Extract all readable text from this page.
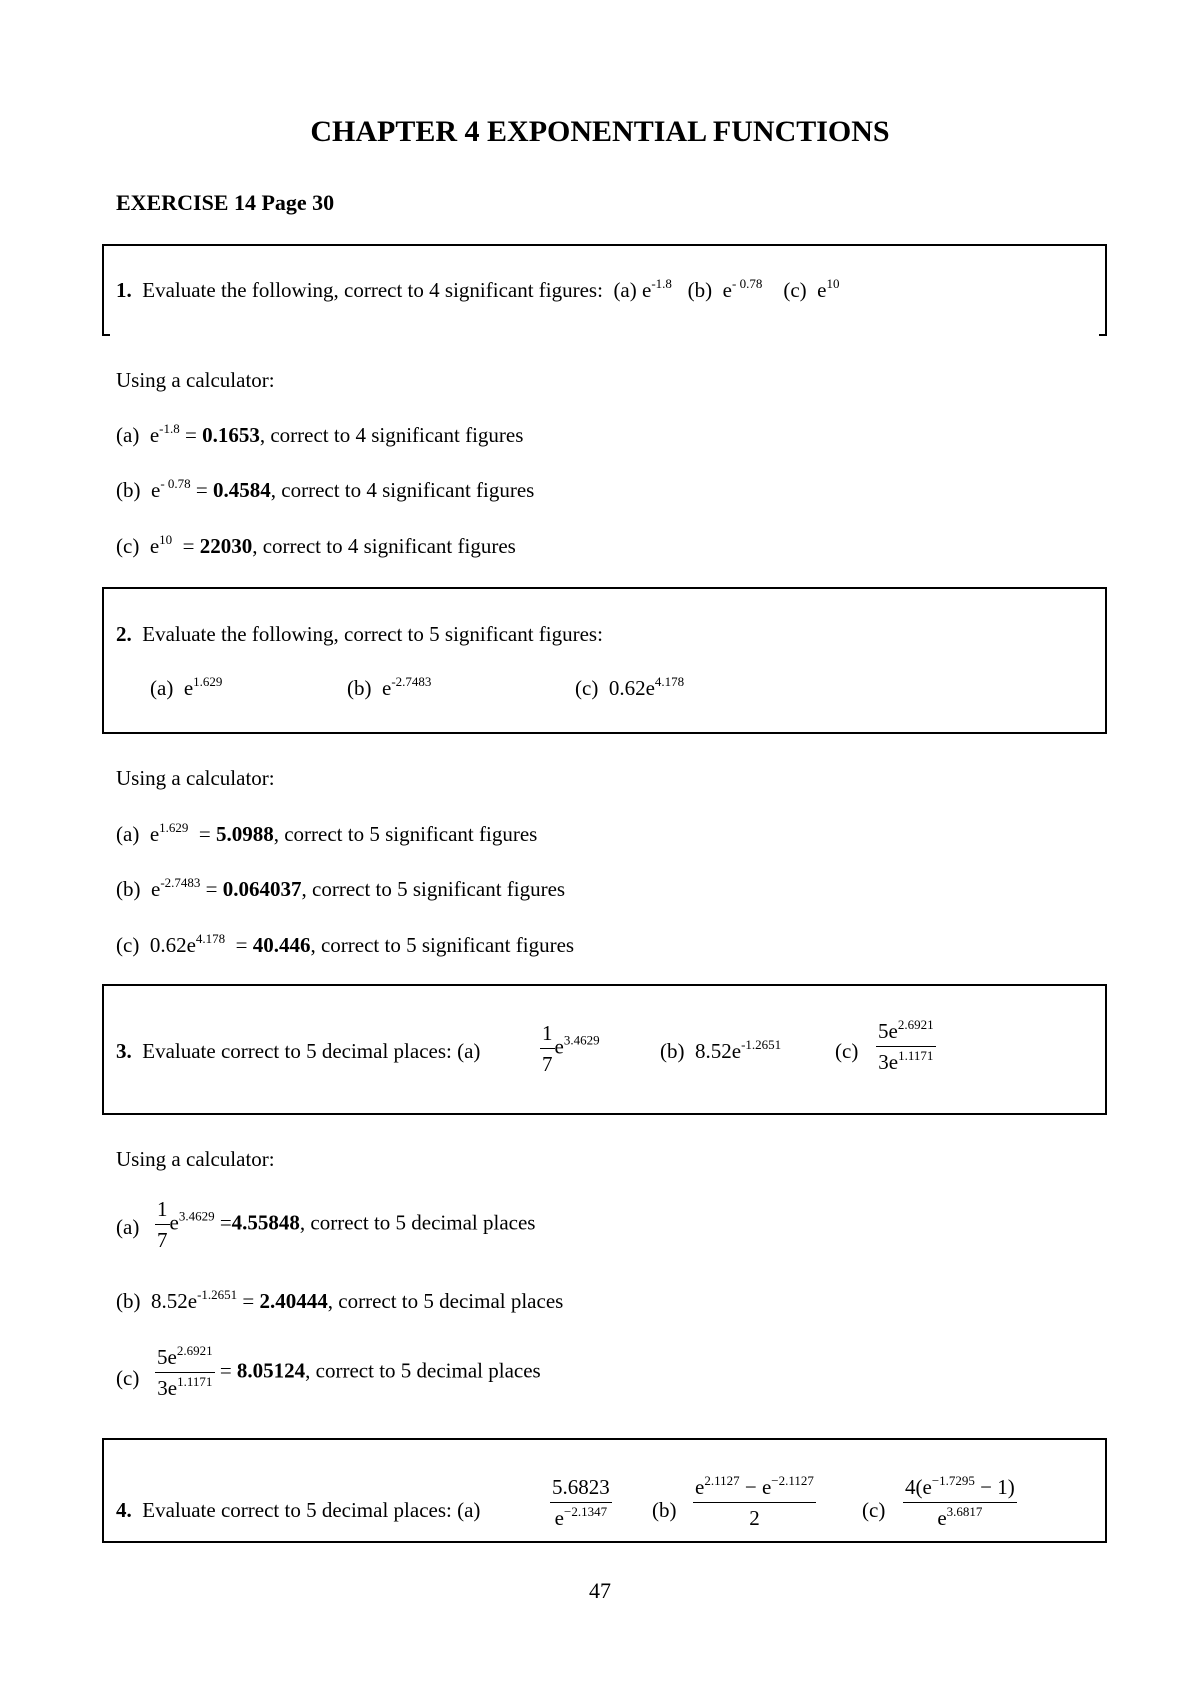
CHAPTER 4 EXPONENTIAL FUNCTIONS
EXERCISE 14 Page 30
1. Evaluate the following, correct to 4 significant figures: (a) $e^{-1.8}$ (b)  $e^{- 0.78}$ (c)  $e^{10}$
Using a calculator:
(a)  $e^{-1.8} = 0.1653$, correct to 4 significant figures
(b)  $e^{- 0.78} = 0.4584$, correct to 4 significant figures
(c)  $e^{10} = 22030$, correct to 4 significant figures
2. Evaluate the following, correct to 5 significant figures:
(a)  $e^{1.629}$	(b)  $e^{-2.7483}$	(c) $0.62e^{4.178}$
Using a calculator:
(a)  $e^{1.629} = 5.0988$, correct to 5 significant figures
(b)  $e^{-2.7483} = 0.064037$, correct to 5 significant figures
(c) $0.62e^{4.178} = 40.446$, correct to 5 significant figures
3. Evaluate correct to 5 decimal places: (a)	$\frac{1}{7} e^{3.4629}$	(b) $8.52e^{-1.2651}$	$(c) \frac{5e^{2.6921}}{3e^{1.1171}}$
Using a calculator:
$(a) \frac{1}{7} e^{3.4629} =4.55848$, correct to 5 decimal places
(b) $8.52e^{-1.2651} = 2.40444$, correct to 5 decimal places
$(c) \frac{5e^{2.6921}}{3e^{1.1171}} = 8.05124$, correct to 5 decimal places
4. Evaluate correct to 5 decimal places: (a)	$\frac{5.6823}{e^{-2.1347}} (b) \frac{e^{2.1127} - e^{-2.1127}}{2} (c) \frac{4(e^{-1.7295} - 1)}{e^{3.6817}}$
47
